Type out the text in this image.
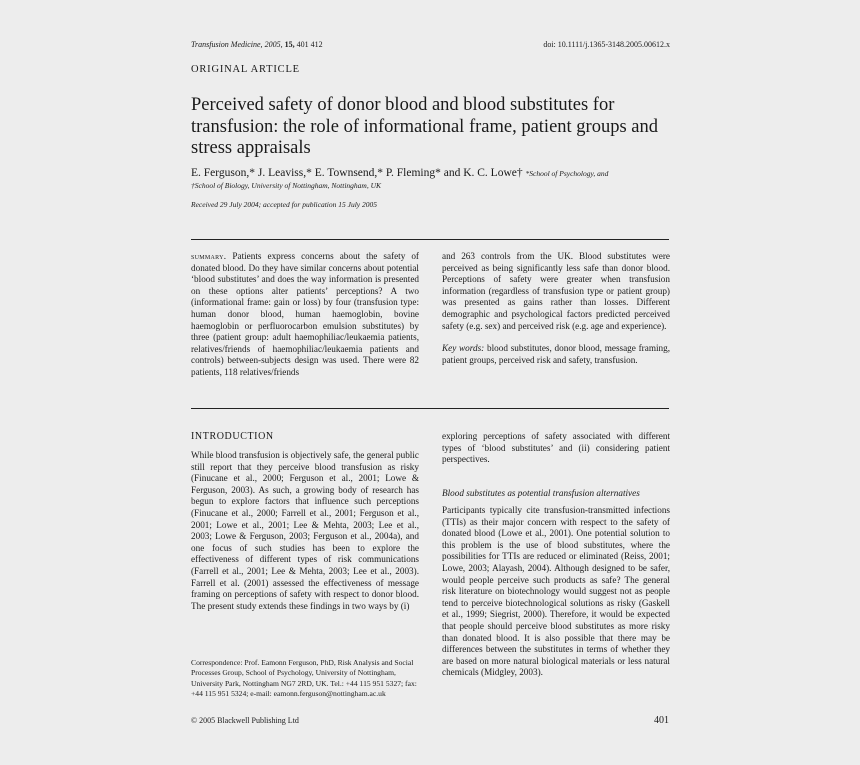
Transfusion Medicine, 2005, 15, 401 412	doi: 10.1111/j.1365-3148.2005.00612.x
ORIGINAL ARTICLE
Perceived safety of donor blood and blood substitutes for transfusion: the role of informational frame, patient groups and stress appraisals
E. Ferguson,* J. Leaviss,* E. Townsend,* P. Fleming* and K. C. Lowe† *School of Psychology, and
†School of Biology, University of Nottingham, Nottingham, UK
Received 29 July 2004; accepted for publication 15 July 2005
summary. Patients express concerns about the safety of donated blood. Do they have similar concerns about potential ‘blood substitutes’ and does the way information is presented on these options alter patients’ perceptions? A two (informational frame: gain or loss) by four (transfusion type: human donor blood, human haemoglobin, bovine haemoglobin or perfluorocarbon emulsion substitutes) by three (patient group: adult haemophiliac/leukaemia patients, relatives/friends of haemophiliac/leukaemia patients and controls) between-subjects design was used. There were 82 patients, 118 relatives/friends
and 263 controls from the UK. Blood substitutes were perceived as being significantly less safe than donor blood. Perceptions of safety were greater when transfusion information (regardless of transfusion type or patient group) was presented as gains rather than losses. Different demographic and psychological factors predicted perceived safety (e.g. sex) and perceived risk (e.g. age and experience).
Key words: blood substitutes, donor blood, message framing, patient groups, perceived risk and safety, transfusion.
INTRODUCTION
While blood transfusion is objectively safe, the general public still report that they perceive blood transfusion as risky (Finucane et al., 2000; Ferguson et al., 2001; Lowe & Ferguson, 2003). As such, a growing body of research has begun to explore factors that influence such perceptions (Finucane et al., 2000; Farrell et al., 2001; Ferguson et al., 2001; Lowe et al., 2001; Lee & Mehta, 2003; Lee et al., 2003; Lowe & Ferguson, 2003; Ferguson et al., 2004a), and one focus of such studies has been to explore the effectiveness of different types of risk communications (Farrell et al., 2001; Lee & Mehta, 2003; Lee et al., 2003). Farrell et al. (2001) assessed the effectiveness of message framing on perceptions of safety with respect to donor blood. The present study extends these findings in two ways by (i)
exploring perceptions of safety associated with different types of ‘blood substitutes’ and (ii) considering patient perspectives.
Blood substitutes as potential transfusion alternatives
Participants typically cite transfusion-transmitted infections (TTIs) as their major concern with respect to the safety of donated blood (Lowe et al., 2001). One potential solution to this problem is the use of blood substitutes, where the possibilities for TTIs are reduced or eliminated (Reiss, 2001; Lowe, 2003; Alayash, 2004). Although designed to be safer, would people perceive such products as safe? The general risk literature on biotechnology would suggest not as people tend to perceive biotechnological solutions as risky (Gaskell et al., 1999; Siegrist, 2000). Therefore, it would be expected that people should perceive blood substitutes as more risky than donated blood. It is also possible that there may be differences between the substitutes in terms of whether they are based on more natural biological materials or less natural chemicals (Midgley, 2003).
Correspondence: Prof. Eamonn Ferguson, PhD, Risk Analysis and Social Processes Group, School of Psychology, University of Nottingham, University Park, Nottingham NG7 2RD, UK. Tel.: +44 115 951 5327; fax: +44 115 951 5324; e-mail: eamonn.ferguson@nottingham.ac.uk
© 2005 Blackwell Publishing Ltd	401
